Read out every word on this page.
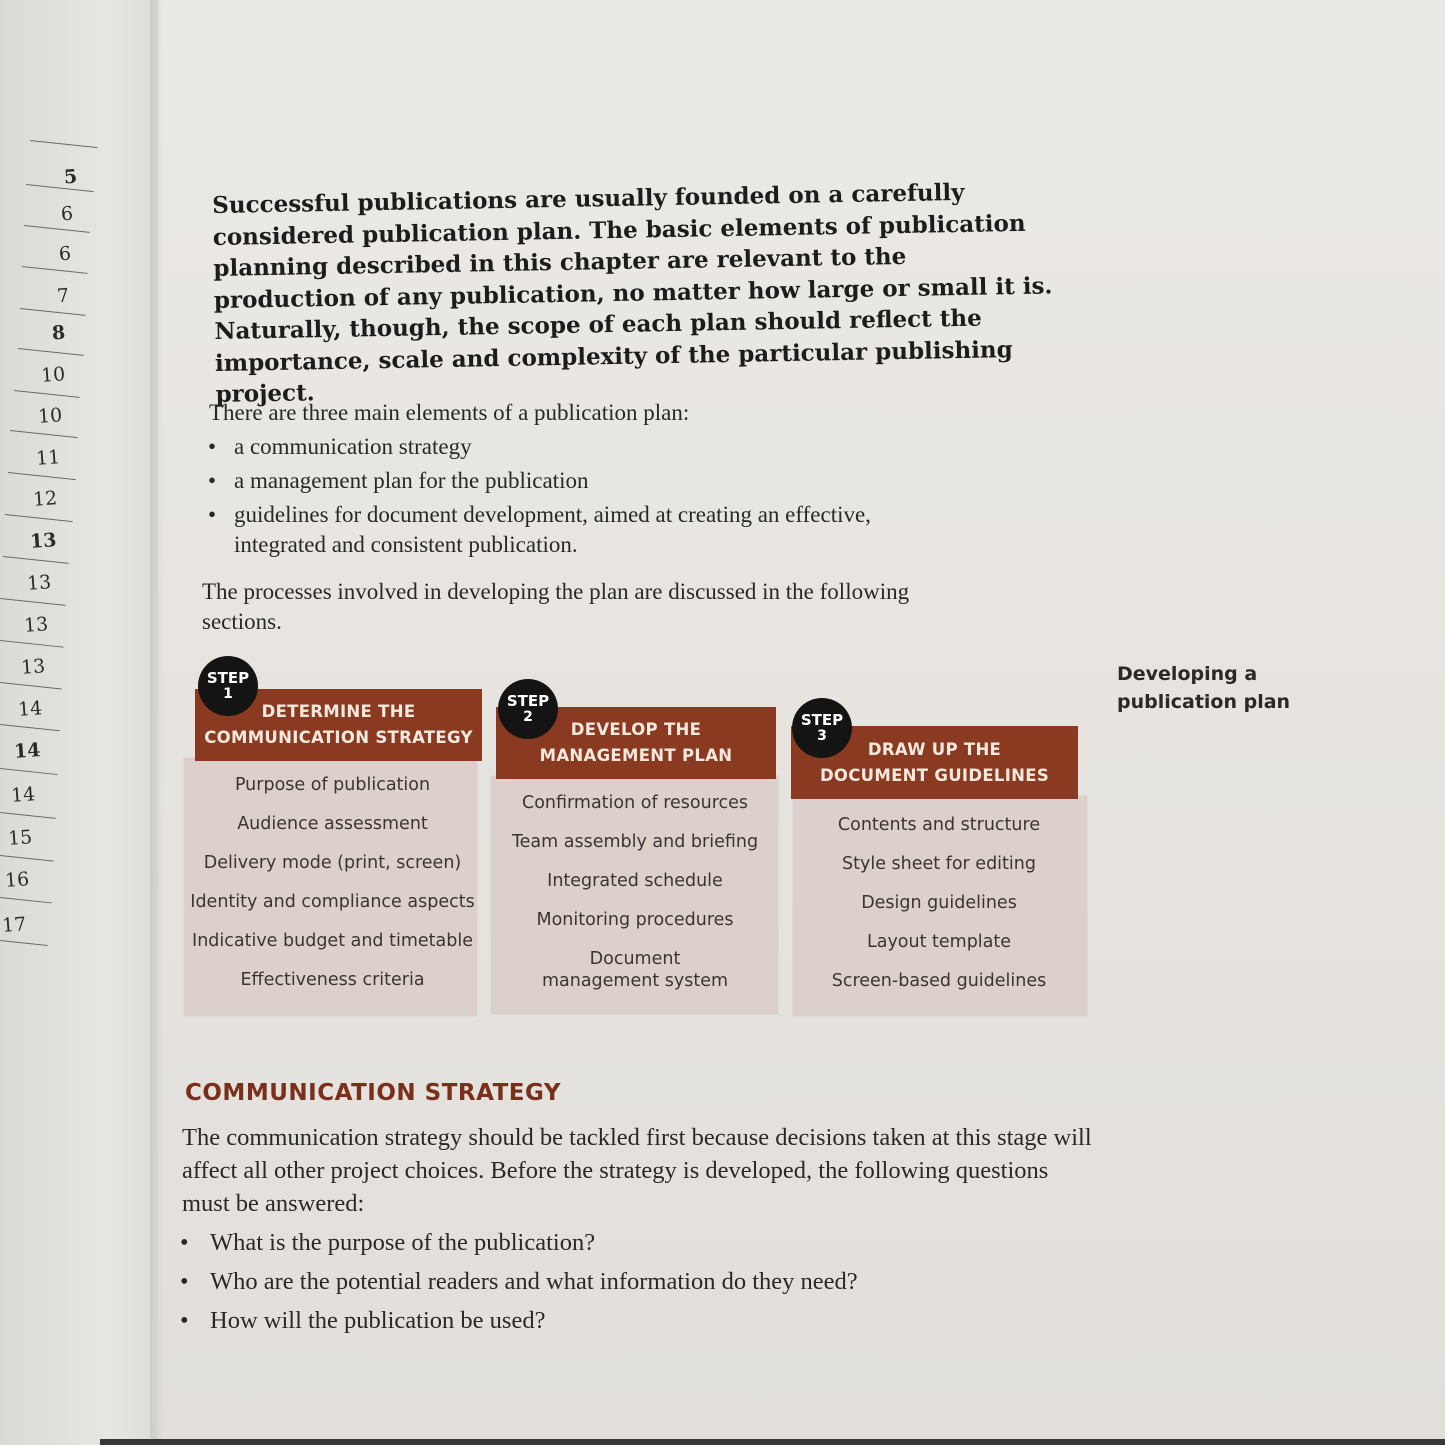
5
6
6
7
8
10
10
11
12
13
13
13
13
14
14
14
15
16
17

Successful publications are usually founded on a carefully considered publication plan. The basic elements of publication planning described in this chapter are relevant to the production of any publication, no matter how large or small it is. Naturally, though, the scope of each plan should reflect the importance, scale and complexity of the particular publishing project.

There are three main elements of a publication plan:

• a communication strategy
• a management plan for the publication
• guidelines for document development, aimed at creating an effective, integrated and consistent publication.

The processes involved in developing the plan are discussed in the following sections.

DETERMINE THE
COMMUNICATION STRATEGY
STEP
1
Purpose of publication
Audience assessment
Delivery mode (print, screen)
Identity and compliance aspects
Indicative budget and timetable
Effectiveness criteria
DEVELOP THE
MANAGEMENT PLAN
STEP
2
Confirmation of resources
Team assembly and briefing
Integrated schedule
Monitoring procedures
Document management system
DRAW UP THE
DOCUMENT GUIDELINES
STEP
3
Contents and structure
Style sheet for editing
Design guidelines
Layout template
Screen-based guidelines
Developing a publication plan
COMMUNICATION STRATEGY

The communication strategy should be tackled first because decisions taken at this stage will affect all other project choices. Before the strategy is developed, the following questions must be answered:

• What is the purpose of the publication?
• Who are the potential readers and what information do they need?
• How will the publication be used?
